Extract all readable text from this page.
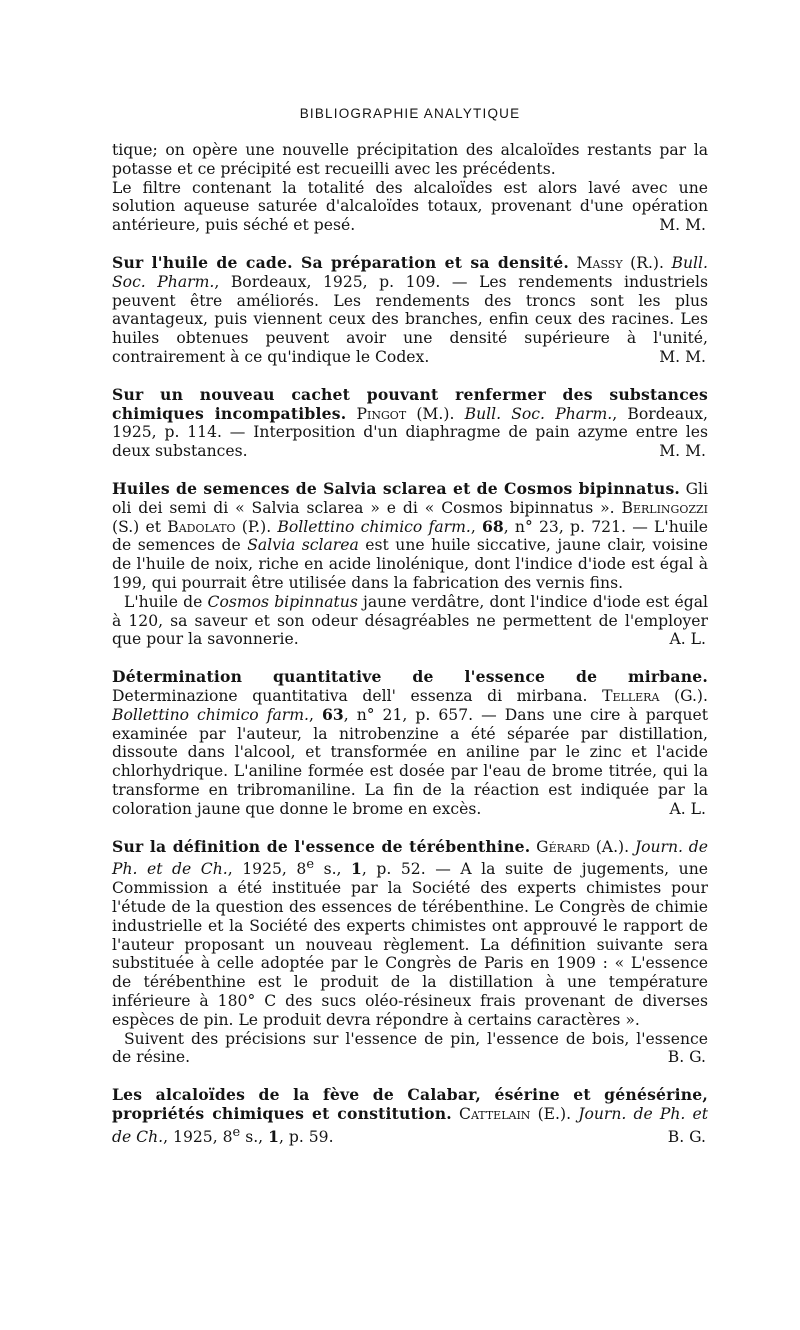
BIBLIOGRAPHIE ANALYTIQUE

tique; on opère une nouvelle précipitation des alcaloïdes restants par la potasse et ce précipité est recueilli avec les précédents.

Le filtre contenant la totalité des alcaloïdes est alors lavé avec une solution aqueuse saturée d'alcaloïdes totaux, provenant d'une opération antérieure, puis séché et pesé.	M. M.

Sur l'huile de cade. Sa préparation et sa densité. Massy (R.). Bull. Soc. Pharm., Bordeaux, 1925, p. 109. — Les rendements industriels peuvent être améliorés. Les rendements des troncs sont les plus avantageux, puis viennent ceux des branches, enfin ceux des racines. Les huiles obtenues peuvent avoir une densité supérieure à l'unité, contrairement à ce qu'indique le Codex.	M. M.

Sur un nouveau cachet pouvant renfermer des substances chimiques incompatibles. Pingot (M.). Bull. Soc. Pharm., Bordeaux, 1925, p. 114. — Interposition d'un diaphragme de pain azyme entre les deux substances.	M. M.

Huiles de semences de Salvia sclarea et de Cosmos bipinnatus. Gli oli dei semi di « Salvia sclarea » e di « Cosmos bipinnatus ». Berlingozzi (S.) et Badolato (P.). Bollettino chimico farm., 68, n° 23, p. 721. — L'huile de semences de Salvia sclarea est une huile siccative, jaune clair, voisine de l'huile de noix, riche en acide linolénique, dont l'indice d'iode est égal à 199, qui pourrait être utilisée dans la fabrication des vernis fins.

L'huile de Cosmos bipinnatus jaune verdâtre, dont l'indice d'iode est égal à 120, sa saveur et son odeur désagréables ne permettent de l'employer que pour la savonnerie.	A. L.

Détermination quantitative de l'essence de mirbane. Determinazione quantitativa dell' essenza di mirbana. Tellera (G.). Bollettino chimico farm., 63, n° 21, p. 657. — Dans une cire à parquet examinée par l'auteur, la nitrobenzine a été séparée par distillation, dissoute dans l'alcool, et transformée en aniline par le zinc et l'acide chlorhydrique. L'aniline formée est dosée par l'eau de brome titrée, qui la transforme en tribromaniline. La fin de la réaction est indiquée par la coloration jaune que donne le brome en excès.	A. L.

Sur la définition de l'essence de térébenthine. Gérard (A.). Journ. de Ph. et de Ch., 1925, 8e s., 1, p. 52. — A la suite de jugements, une Commission a été instituée par la Société des experts chimistes pour l'étude de la question des essences de térébenthine. Le Congrès de chimie industrielle et la Société des experts chimistes ont approuvé le rapport de l'auteur proposant un nouveau règlement. La définition suivante sera substituée à celle adoptée par le Congrès de Paris en 1909 : « L'essence de térébenthine est le produit de la distillation à une température inférieure à 180° C des sucs oléo-résineux frais provenant de diverses espèces de pin. Le produit devra répondre à certains caractères ».

Suivent des précisions sur l'essence de pin, l'essence de bois, l'essence de résine.	B. G.

Les alcaloïdes de la fève de Calabar, ésérine et génésérine, propriétés chimiques et constitution. Cattelain (E.). Journ. de Ph. et de Ch., 1925, 8e s., 1, p. 59.	B. G.
